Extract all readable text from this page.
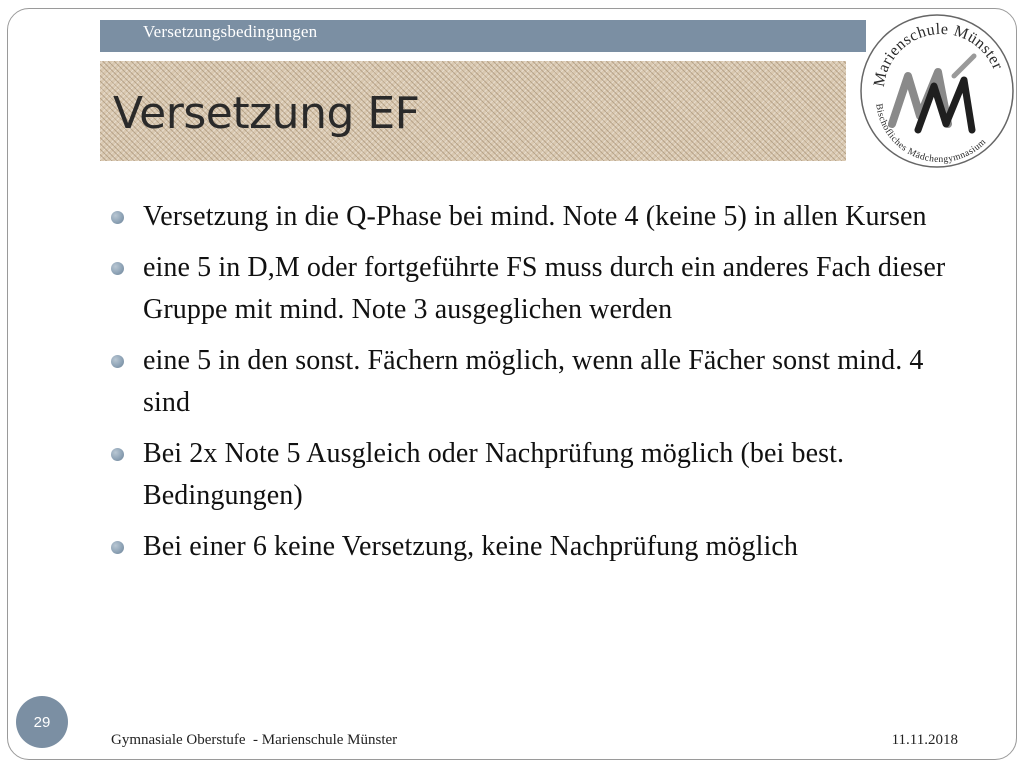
Versetzungsbedingungen
Versetzung EF
Marienschule Münster
Bischöfliches Mädchengymnasium
Versetzung in die Q-Phase bei mind. Note 4 (keine 5) in allen Kursen
eine 5 in D,M oder fortgeführte FS muss durch ein anderes Fach dieser Gruppe mit mind. Note 3 ausgeglichen werden
eine 5 in den sonst. Fächern möglich, wenn alle Fächer sonst mind. 4 sind
Bei 2x Note 5 Ausgleich oder Nachprüfung möglich (bei best. Bedingungen)
Bei einer 6 keine Versetzung, keine Nachprüfung möglich
29
Gymnasiale Oberstufe  - Marienschule Münster	11.11.2018
